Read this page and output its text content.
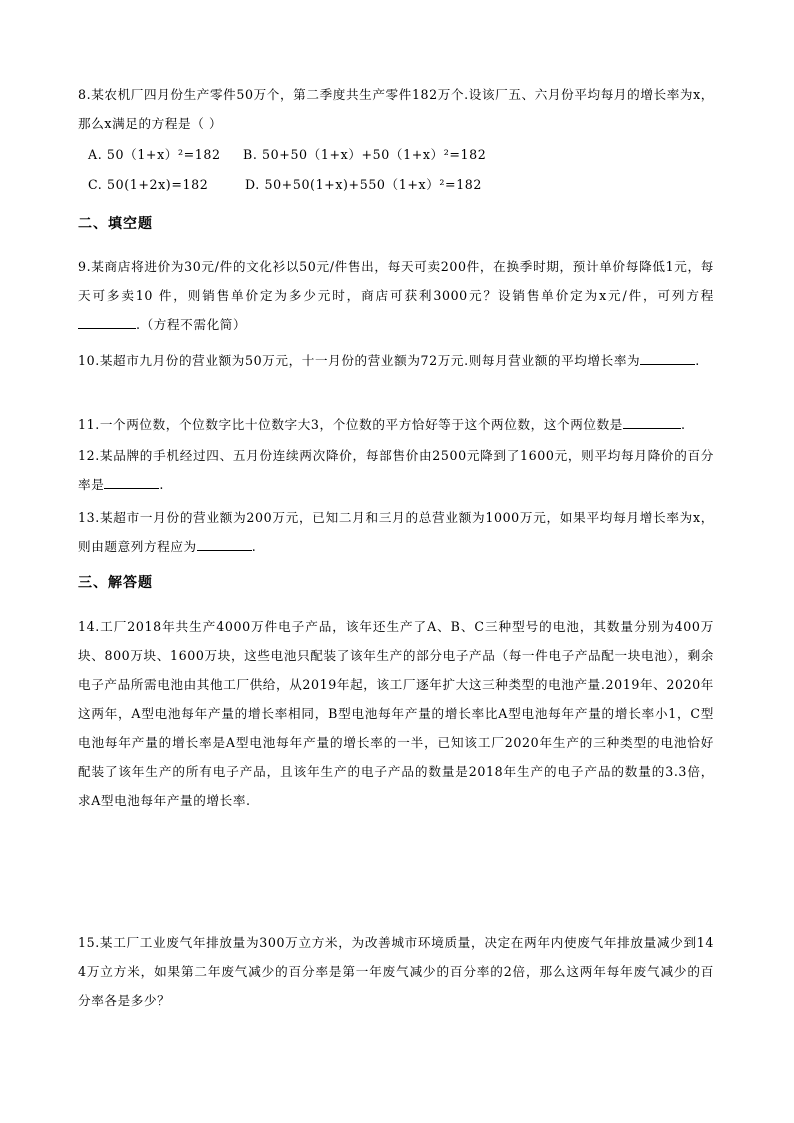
8.某农机厂四月份生产零件50万个，第二季度共生产零件182万个.设该厂五、六月份平均每月的增长率为x，那么x满足的方程是（ ）
A. 50（1+x）²=182 B. 50+50（1+x）+50（1+x）²=182
C. 50(1+2x)=182	D. 50+50(1+x)+550（1+x）²=182
二、填空题
9.某商店将进价为30元/件的文化衫以50元/件售出，每天可卖200件，在换季时期，预计单价每降低1元，每天可多卖10 件，则销售单价定为多少元时，商店可获利3000元？设销售单价定为x元/件，可列方程.（方程不需化简）
10.某超市九月份的营业额为50万元，十一月份的营业额为72万元.则每月营业额的平均增长率为	.
11.一个两位数，个位数字比十位数字大3，个位数的平方恰好等于这个两位数，这个两位数是	.
12.某品牌的手机经过四、五月份连续两次降价，每部售价由2500元降到了1600元，则平均每月降价的百分率是	.
13.某超市一月份的营业额为200万元，已知二月和三月的总营业额为1000万元，如果平均每月增长率为x，则由题意列方程应为	.
三、解答题
14.工厂2018年共生产4000万件电子产品，该年还生产了A、B、C三种型号的电池，其数量分别为400万块、800万块、1600万块，这些电池只配装了该年生产的部分电子产品（每一件电子产品配一块电池），剩余电子产品所需电池由其他工厂供给，从2019年起，该工厂逐年扩大这三种类型的电池产量.2019年、2020年这两年，A型电池每年产量的增长率相同，B型电池每年产量的增长率比A型电池每年产量的增长率小1，C型电池每年产量的增长率是A型电池每年产量的增长率的一半，已知该工厂2020年生产的三种类型的电池恰好配装了该年生产的所有电子产品，且该年生产的电子产品的数量是2018年生产的电子产品的数量的3.3倍，求A型电池每年产量的增长率.
15.某工厂工业废气年排放量为300万立方米，为改善城市环境质量，决定在两年内使废气年排放量减少到144万立方米，如果第二年废气减少的百分率是第一年废气减少的百分率的2倍，那么这两年每年废气减少的百分率各是多少？
